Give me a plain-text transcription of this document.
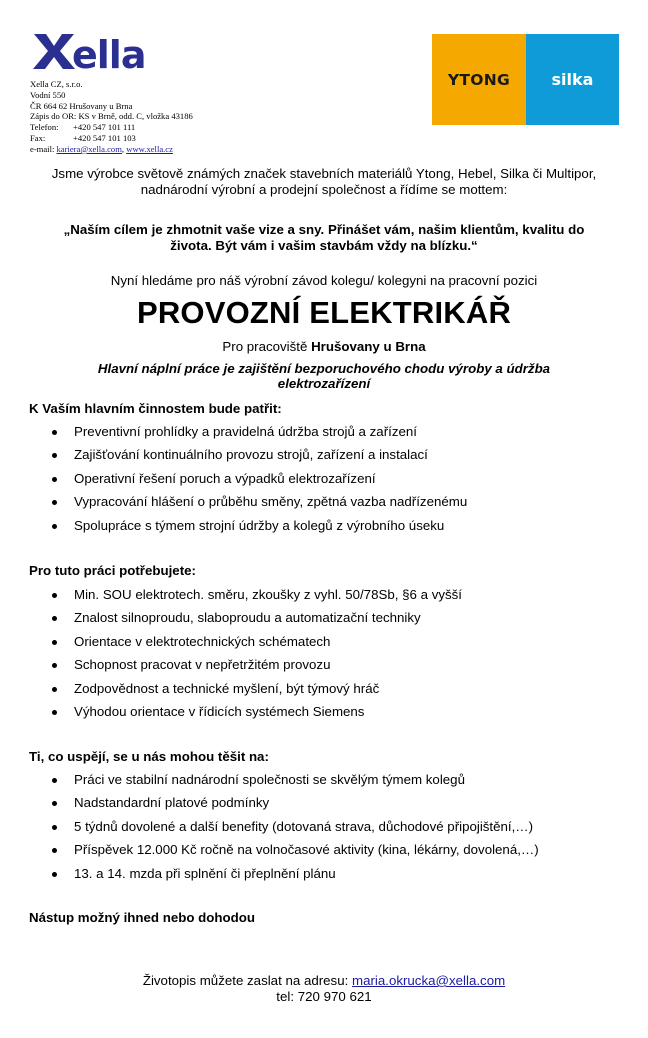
ella
Xella CZ, s.r.o.
Vodní 550
ČR 664 62 Hrušovany u Brna
Zápis do OR: KS v Brně, odd. C, vložka 43186
Telefon: +420 547 101 111
Fax:	+420 547 101 103
e-mail: kariera@xella.com, www.xella.cz
YTONG	silka
Jsme výrobce světově známých značek stavebních materiálů Ytong, Hebel, Silka či Multipor,
nadnárodní výrobní a prodejní společnost a řídíme se mottem:
„Naším cílem je zhmotnit vaše vize a sny. Přinášet vám, našim klientům, kvalitu do
života. Být vám i vašim stavbám vždy na blízku.“
Nyní hledáme pro náš výrobní závod kolegu/ kolegyni na pracovní pozici
PROVOZNÍ ELEKTRIKÁŘ
Pro pracoviště Hrušovany u Brna
Hlavní náplní práce je zajištění bezporuchového chodu výroby a údržba
elektrozařízení
K Vaším hlavním činnostem bude patřit:
Preventivní prohlídky a pravidelná údržba strojů a zařízení
Zajišťování kontinuálního provozu strojů, zařízení a instalací
Operativní řešení poruch a výpadků elektrozařízení
Vypracování hlášení o průběhu směny, zpětná vazba nadřízenému
Spolupráce s týmem strojní údržby a kolegů z výrobního úseku
Pro tuto práci potřebujete:
Min. SOU elektrotech. směru, zkoušky z vyhl. 50/78Sb, §6 a vyšší
Znalost silnoproudu, slaboproudu a automatizační techniky
Orientace v elektrotechnických schématech
Schopnost pracovat v nepřetržitém provozu
Zodpovědnost a technické myšlení, být týmový hráč
Výhodou orientace v řídicích systémech Siemens
Ti, co uspějí, se u nás mohou těšit na:
Práci ve stabilní nadnárodní společnosti se skvělým týmem kolegů
Nadstandardní platové podmínky
5 týdnů dovolené a další benefity (dotovaná strava, důchodové připojištění,…)
Příspěvek 12.000 Kč ročně na volnočasové aktivity (kina, lékárny, dovolená,…)
13. a 14. mzda při splnění či přeplnění plánu
Nástup možný ihned nebo dohodou
Životopis můžete zaslat na adresu: maria.okrucka@xella.com
tel: 720 970 621
